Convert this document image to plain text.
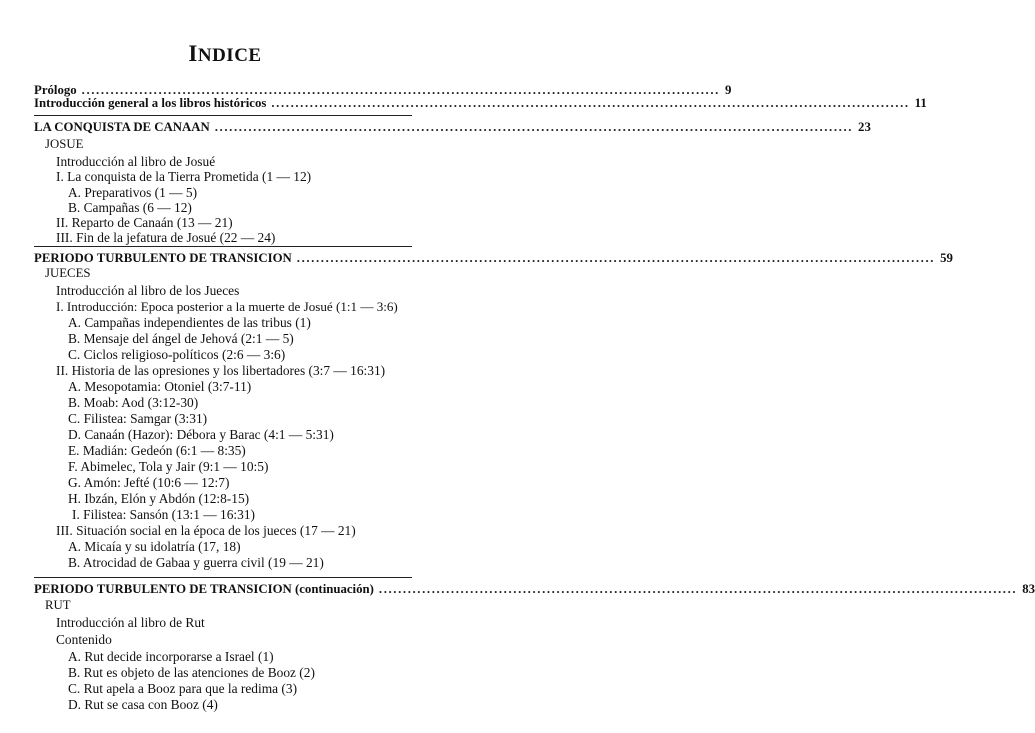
INDICE
Prólogo ..................................................................................................................................... 9
Introducción general a los libros históricos ..................................................................................................................................... 11
LA CONQUISTA DE CANAAN ..................................................................................................................................... 23
JOSUE
Introducción al libro de Josué
I. La conquista de la Tierra Prometida (1 — 12)
A. Preparativos (1 — 5)
B. Campañas (6 — 12)
II. Reparto de Canaán (13 — 21)
III. Fin de la jefatura de Josué (22 — 24)
PERIODO TURBULENTO DE TRANSICION ..................................................................................................................................... 59
JUECES
Introducción al libro de los Jueces
I. Introducción: Epoca posterior a la muerte de Josué (1:1 — 3:6)
A. Campañas independientes de las tribus (1)
B. Mensaje del ángel de Jehová (2:1 — 5)
C. Ciclos religioso-políticos (2:6 — 3:6)
II. Historia de las opresiones y los libertadores (3:7 — 16:31)
A. Mesopotamia: Otoniel (3:7-11)
B. Moab: Aod (3:12-30)
C. Filistea: Samgar (3:31)
D. Canaán (Hazor): Débora y Barac (4:1 — 5:31)
E. Madián: Gedeón (6:1 — 8:35)
F. Abimelec, Tola y Jair (9:1 — 10:5)
G. Amón: Jefté (10:6 — 12:7)
H. Ibzán, Elón y Abdón (12:8-15)
I. Filistea: Sansón (13:1 — 16:31)
III. Situación social en la época de los jueces (17 — 21)
A. Micaía y su idolatría (17, 18)
B. Atrocidad de Gabaa y guerra civil (19 — 21)
PERIODO TURBULENTO DE TRANSICION (continuación) ..................................................................................................................................... 83
RUT
Introducción al libro de Rut
Contenido
A. Rut decide incorporarse a Israel (1)
B. Rut es objeto de las atenciones de Booz (2)
C. Rut apela a Booz para que la redima (3)
D. Rut se casa con Booz (4)
